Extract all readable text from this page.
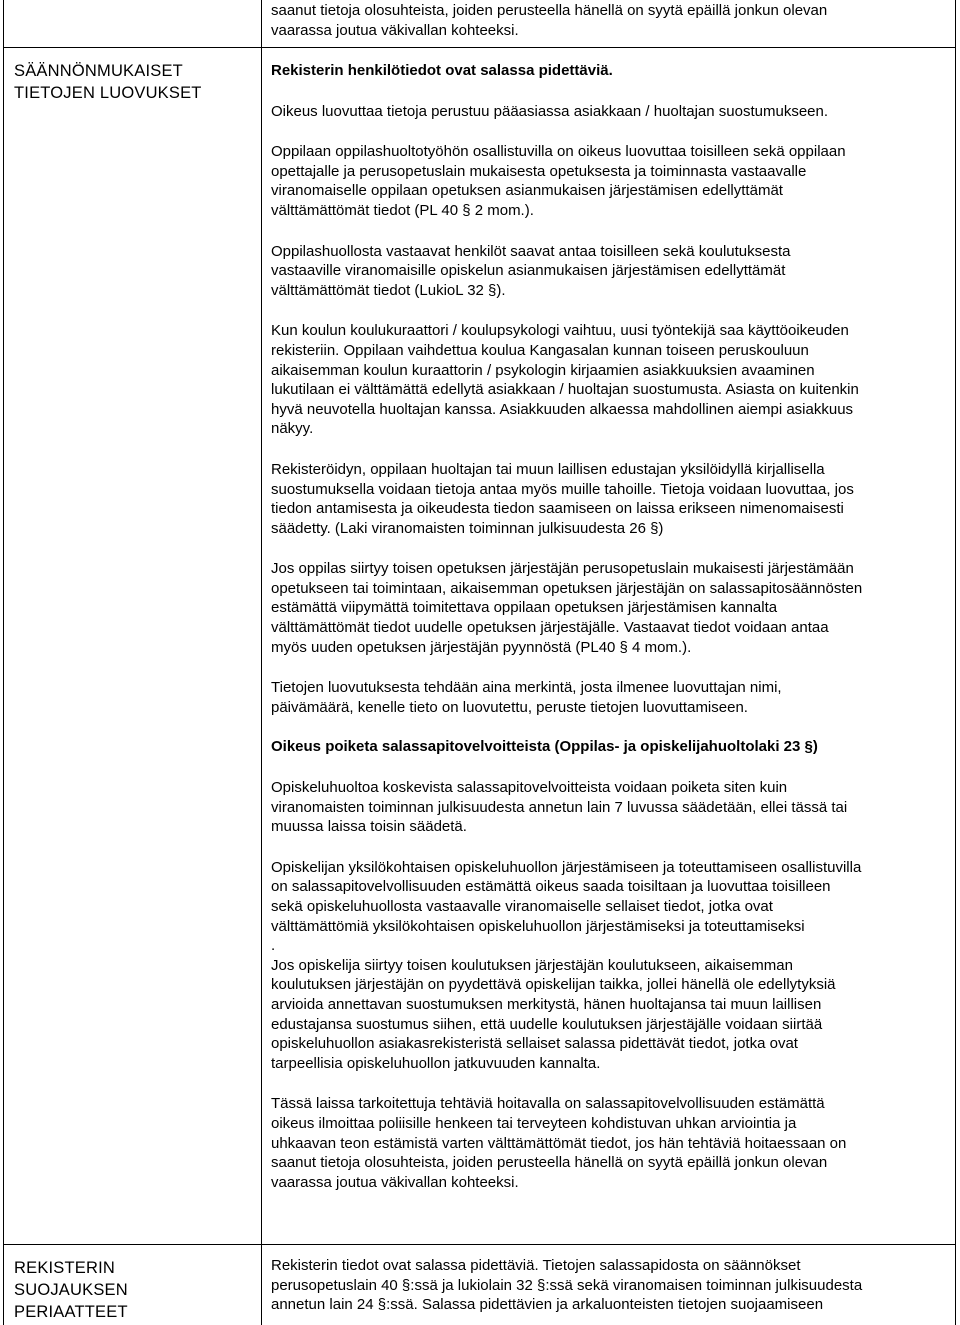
saanut tietoja olosuhteista, joiden perusteella hänellä on syytä epäillä jonkun olevan
vaarassa joutua väkivallan kohteeksi.

SÄÄNNÖNMUKAISET
TIETOJEN LUOVUKSET

Rekisterin henkilötiedot ovat salassa pidettäviä.

Oikeus luovuttaa tietoja perustuu pääasiassa asiakkaan / huoltajan suostumukseen.

Oppilaan oppilashuoltotyöhön osallistuvilla on oikeus luovuttaa toisilleen sekä oppilaan
opettajalle ja perusopetuslain mukaisesta opetuksesta ja toiminnasta vastaavalle
viranomaiselle oppilaan opetuksen asianmukaisen järjestämisen edellyttämät
välttämättömät tiedot (PL 40 § 2 mom.).

Oppilashuollosta vastaavat henkilöt saavat antaa toisilleen sekä koulutuksesta
vastaaville viranomaisille opiskelun asianmukaisen järjestämisen edellyttämät
välttämättömät tiedot (LukioL 32 §).

Kun koulun koulukuraattori / koulupsykologi vaihtuu, uusi työntekijä saa käyttöoikeuden
rekisteriin. Oppilaan vaihdettua koulua Kangasalan kunnan toiseen peruskouluun
aikaisemman koulun kuraattorin / psykologin kirjaamien asiakkuuksien avaaminen
lukutilaan ei välttämättä edellytä asiakkaan / huoltajan suostumusta. Asiasta on kuitenkin
hyvä neuvotella huoltajan kanssa. Asiakkuuden alkaessa mahdollinen aiempi asiakkuus
näkyy.

Rekisteröidyn, oppilaan huoltajan tai muun laillisen edustajan yksilöidyllä kirjallisella
suostumuksella voidaan tietoja antaa myös muille tahoille. Tietoja voidaan luovuttaa, jos
tiedon antamisesta ja oikeudesta tiedon saamiseen on laissa erikseen nimenomaisesti
säädetty. (Laki viranomaisten toiminnan julkisuudesta 26 §)

Jos oppilas siirtyy toisen opetuksen järjestäjän perusopetuslain mukaisesti järjestämään
opetukseen tai toimintaan, aikaisemman opetuksen järjestäjän on salassapitosäännösten
estämättä viipymättä toimitettava oppilaan opetuksen järjestämisen kannalta
välttämättömät tiedot uudelle opetuksen järjestäjälle. Vastaavat tiedot voidaan antaa
myös uuden opetuksen järjestäjän pyynnöstä (PL40 § 4 mom.).

Tietojen luovutuksesta tehdään aina merkintä, josta ilmenee luovuttajan nimi,
päivämäärä, kenelle tieto on luovutettu, peruste tietojen luovuttamiseen.

Oikeus poiketa salassapitovelvoitteista (Oppilas- ja opiskelijahuoltolaki 23 §)

Opiskeluhuoltoa koskevista salassapitovelvoitteista voidaan poiketa siten kuin
viranomaisten toiminnan julkisuudesta annetun lain 7 luvussa säädetään, ellei tässä tai
muussa laissa toisin säädetä.

Opiskelijan yksilökohtaisen opiskeluhuollon järjestämiseen ja toteuttamiseen osallistuvilla
on salassapitovelvollisuuden estämättä oikeus saada toisiltaan ja luovuttaa toisilleen
sekä opiskeluhuollosta vastaavalle viranomaiselle sellaiset tiedot, jotka ovat
välttämättömiä yksilökohtaisen opiskeluhuollon järjestämiseksi ja toteuttamiseksi
.
Jos opiskelija siirtyy toisen koulutuksen järjestäjän koulutukseen, aikaisemman
koulutuksen järjestäjän on pyydettävä opiskelijan taikka, jollei hänellä ole edellytyksiä
arvioida annettavan suostumuksen merkitystä, hänen huoltajansa tai muun laillisen
edustajansa suostumus siihen, että uudelle koulutuksen järjestäjälle voidaan siirtää
opiskeluhuollon asiakasrekisteristä sellaiset salassa pidettävät tiedot, jotka ovat
tarpeellisia opiskeluhuollon jatkuvuuden kannalta.

Tässä laissa tarkoitettuja tehtäviä hoitavalla on salassapitovelvollisuuden estämättä
oikeus ilmoittaa poliisille henkeen tai terveyteen kohdistuvan uhkan arviointia ja
uhkaavan teon estämistä varten välttämättömät tiedot, jos hän tehtäviä hoitaessaan on
saanut tietoja olosuhteista, joiden perusteella hänellä on syytä epäillä jonkun olevan
vaarassa joutua väkivallan kohteeksi.

REKISTERIN
SUOJAUKSEN
PERIAATTEET

Rekisterin tiedot ovat salassa pidettäviä. Tietojen salassapidosta on säännökset
perusopetuslain 40 §:ssä ja lukiolain 32 §:ssä sekä viranomaisen toiminnan julkisuudesta
annetun lain 24 §:ssä. Salassa pidettävien ja arkaluonteisten tietojen suojaamiseen
